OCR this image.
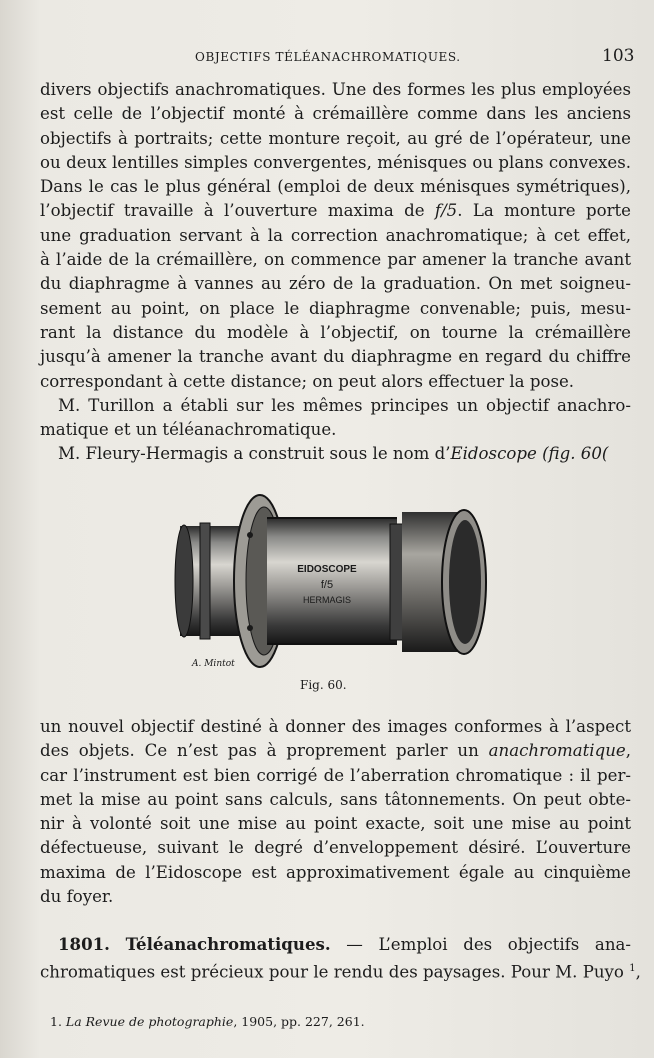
OBJECTIFS TÉLÉANACHROMATIQUES.	103
divers objectifs anachromatiques. Une des formes les plus employées
est celle de l’objectif monté à crémaillère comme dans les anciens
objectifs à portraits; cette monture reçoit, au gré de l’opérateur, une
ou deux lentilles simples convergentes, ménisques ou plans convexes.
Dans le cas le plus général (emploi de deux ménisques symétriques),
l’objectif travaille à l’ouverture maxima de f/5. La monture porte
une graduation servant à la correction anachromatique; à cet effet,
à l’aide de la crémaillère, on commence par amener la tranche avant
du diaphragme à vannes au zéro de la graduation. On met soigneu-
sement au point, on place le diaphragme convenable; puis, mesu-
rant la distance du modèle à l’objectif, on tourne la crémaillère
jusqu’à amener la tranche avant du diaphragme en regard du chiffre
correspondant à cette distance; on peut alors effectuer la pose.
M. Turillon a établi sur les mêmes principes un objectif anachro-
matique et un téléanachromatique.
M. Fleury-Hermagis a construit sous le nom d’Eidoscope (fig. 60(
EIDOSCOPE
f/5
HERMAGIS
A. Mintot
Fig. 60.
un nouvel objectif destiné à donner des images conformes à l’aspect
des objets. Ce n’est pas à proprement parler un anachromatique,
car l’instrument est bien corrigé de l’aberration chromatique : il per-
met la mise au point sans calculs, sans tâtonnements. On peut obte-
nir à volonté soit une mise au point exacte, soit une mise au point
défectueuse, suivant le degré d’enveloppement désiré. L’ouverture
maxima de l’Eidoscope est approximativement égale au cinquième
du foyer.
1801. Téléanachromatiques. — L’emploi des objectifs ana-
chromatiques est précieux pour le rendu des paysages. Pour M. Puyo $^1$,
1. La Revue de photographie, 1905, pp. 227, 261.
